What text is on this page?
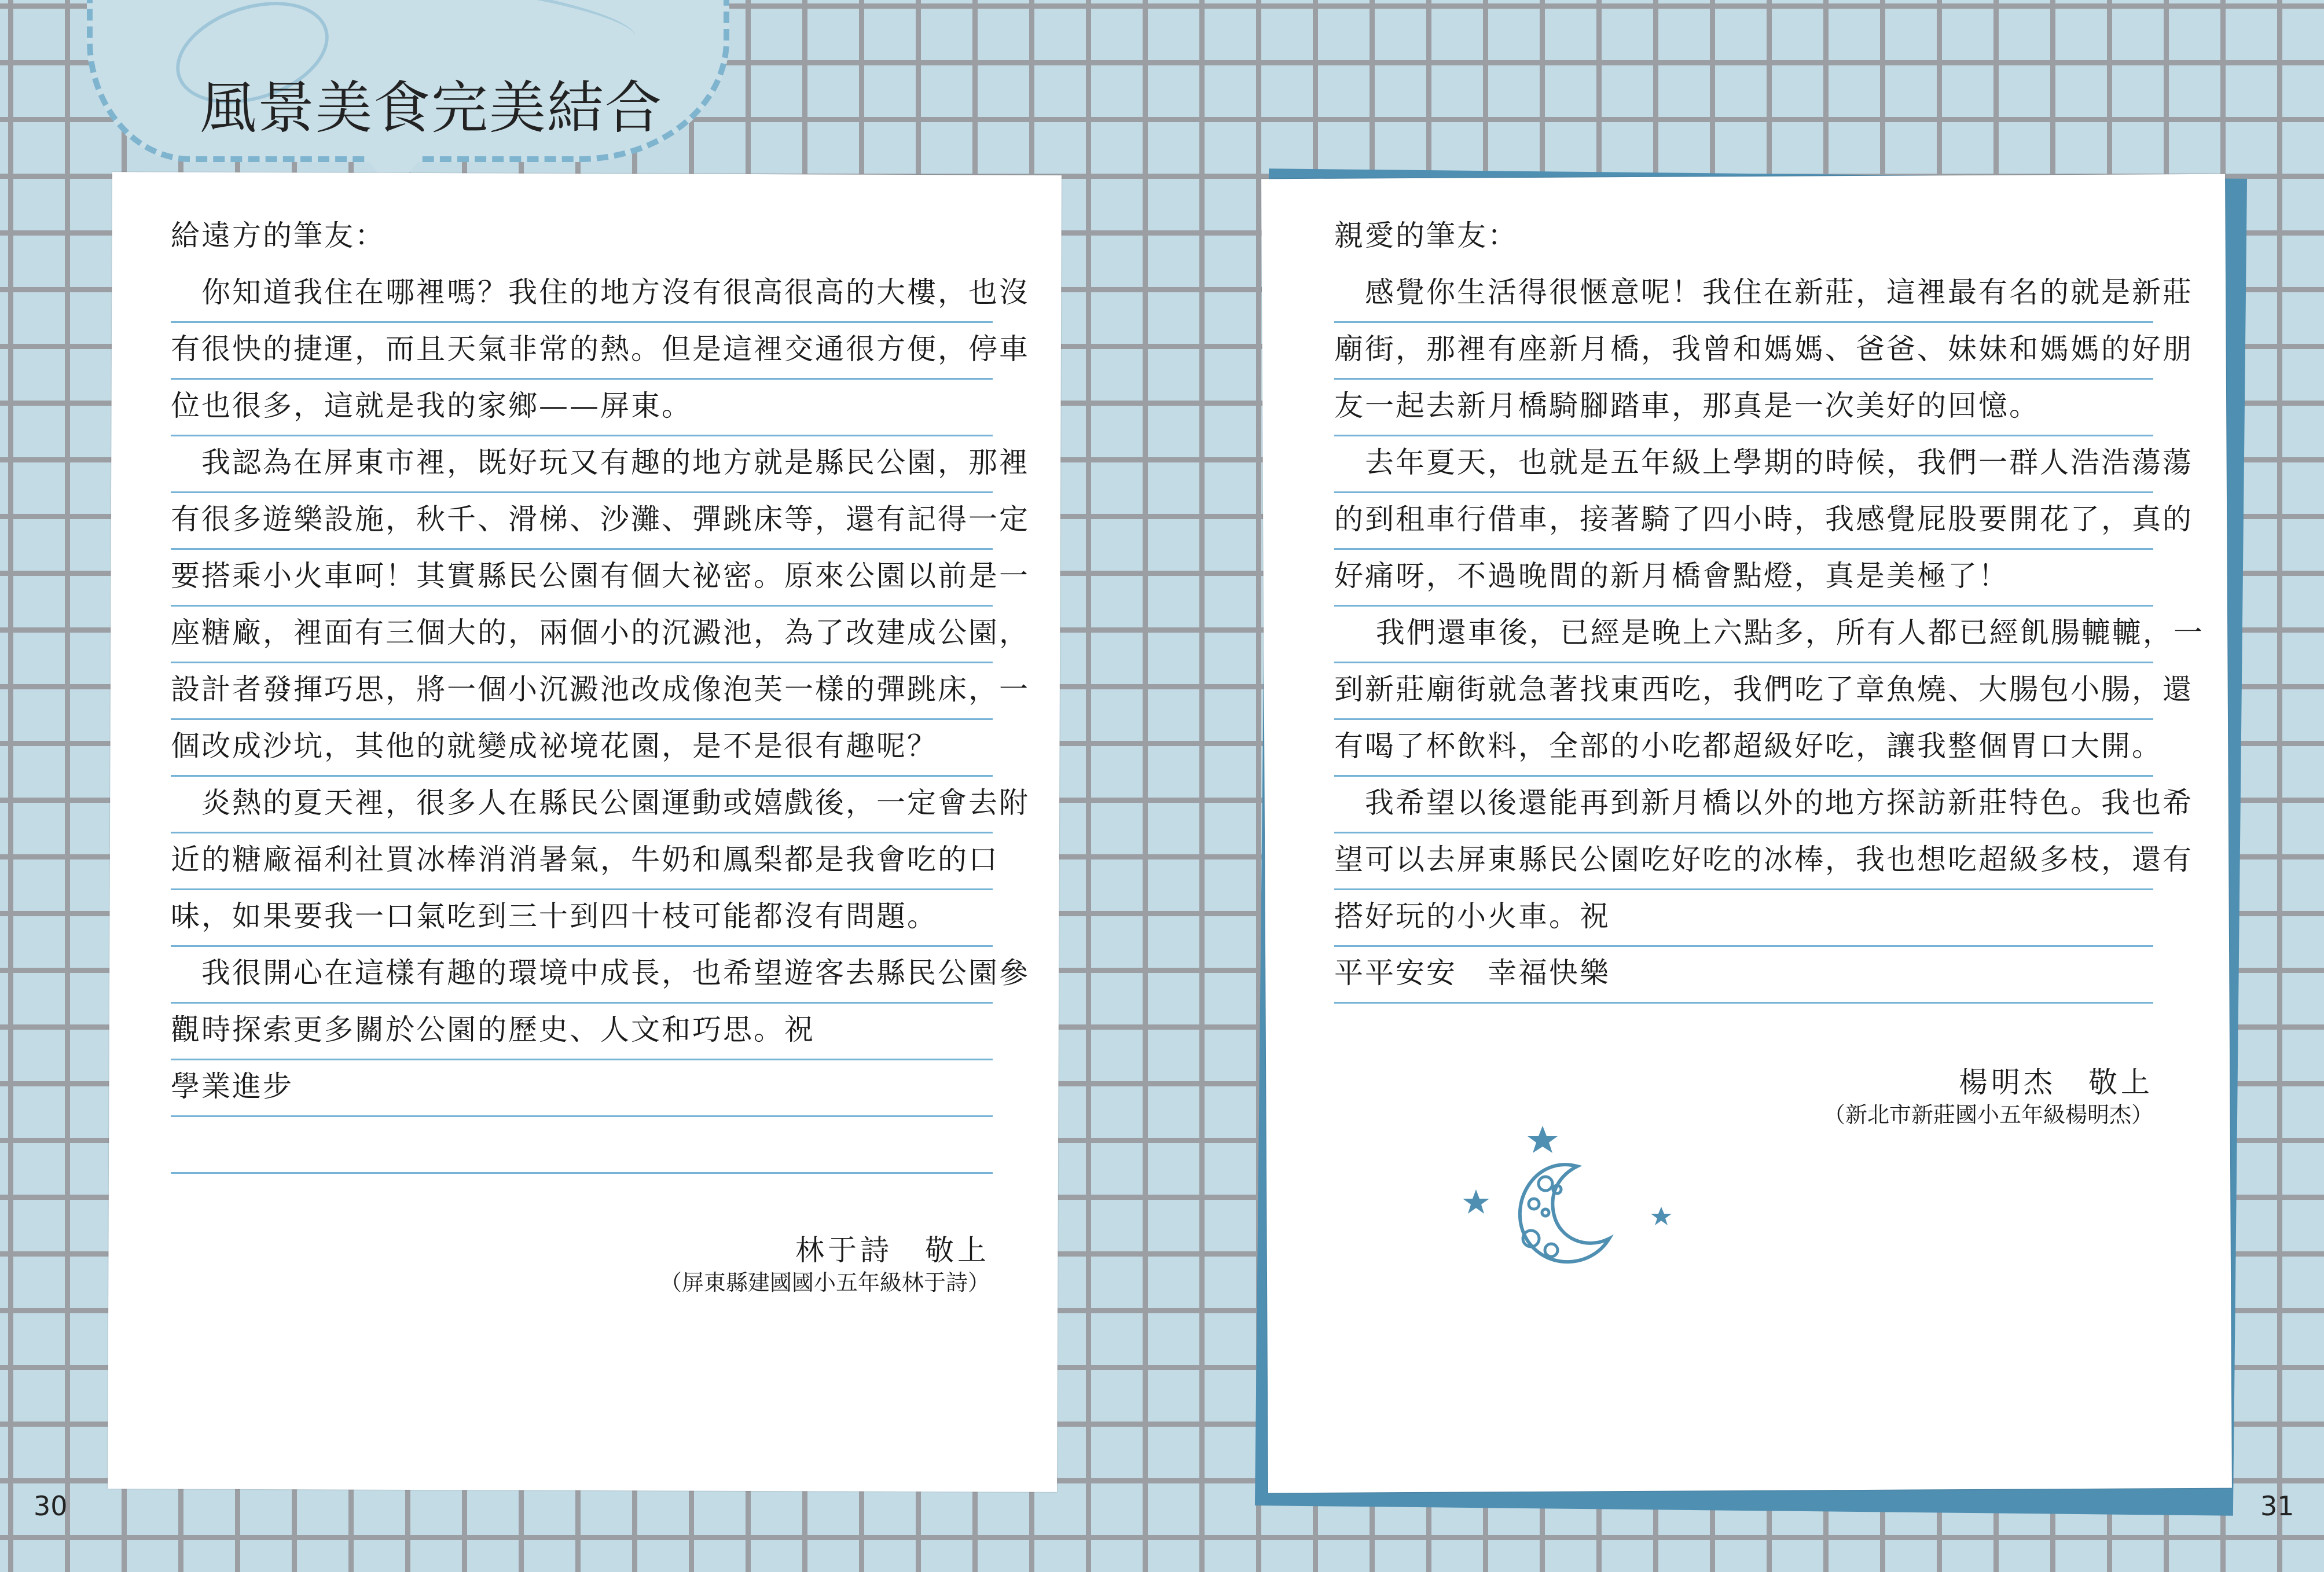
風景美食完美結合
給遠方的筆友：
　你知道我住在哪裡嗎？我住的地方沒有很高很高的大樓，也沒
有很快的捷運，而且天氣非常的熱。但是這裡交通很方便，停車
位也很多，這就是我的家鄉——屏東。
　我認為在屏東市裡，既好玩又有趣的地方就是縣民公園，那裡
有很多遊樂設施，秋千、滑梯、沙灘、彈跳床等，還有記得一定
要搭乘小火車呵！其實縣民公園有個大祕密。原來公園以前是一
座糖廠，裡面有三個大的，兩個小的沉澱池，為了改建成公園，
設計者發揮巧思，將一個小沉澱池改成像泡芙一樣的彈跳床，一
個改成沙坑，其他的就變成祕境花園，是不是很有趣呢？
　炎熱的夏天裡，很多人在縣民公園運動或嬉戲後，一定會去附
近的糖廠福利社買冰棒消消暑氣，牛奶和鳳梨都是我會吃的口
味，如果要我一口氣吃到三十到四十枝可能都沒有問題。
　我很開心在這樣有趣的環境中成長，也希望遊客去縣民公園參
觀時探索更多關於公園的歷史、人文和巧思。祝
學業進步
林于詩　敬上
（屏東縣建國國小五年級林于詩）
親愛的筆友：
　感覺你生活得很愜意呢！我住在新莊，這裡最有名的就是新莊
廟街，那裡有座新月橋，我曾和媽媽、爸爸、妹妹和媽媽的好朋
友一起去新月橋騎腳踏車，那真是一次美好的回憶。
　去年夏天，也就是五年級上學期的時候，我們一群人浩浩蕩蕩
的到租車行借車，接著騎了四小時，我感覺屁股要開花了，真的
好痛呀，不過晚間的新月橋會點燈，真是美極了！
　 我們還車後，已經是晚上六點多，所有人都已經飢腸轆轆，一
到新莊廟街就急著找東西吃，我們吃了章魚燒、大腸包小腸，還
有喝了杯飲料，全部的小吃都超級好吃，讓我整個胃口大開。
　我希望以後還能再到新月橋以外的地方探訪新莊特色。我也希
望可以去屏東縣民公園吃好吃的冰棒，我也想吃超級多枝，還有
搭好玩的小火車。祝
平平安安　幸福快樂
楊明杰　敬上
（新北市新莊國小五年級楊明杰）
30	31
